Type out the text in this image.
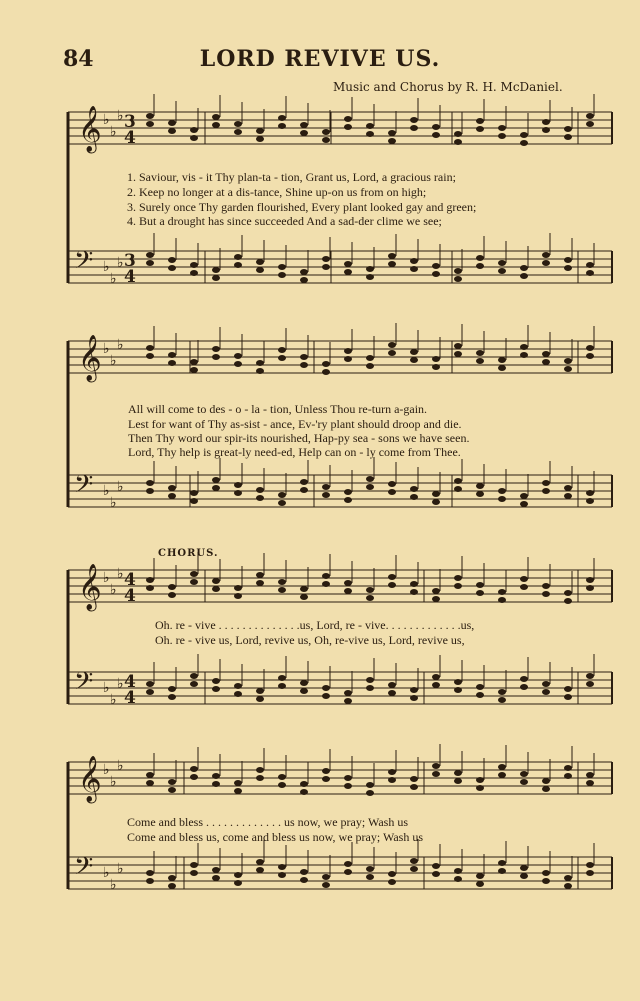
84	LORD REVIVE US.
Music and Chorus by R. H. McDaniel.
𝄞 ♭
♭
♭
𝄢 ♭
♭
♭
𝄞 ♭
♭
♭
𝄢 ♭
♭
♭
𝄞 ♭
♭
♭
𝄢 ♭
♭
♭
𝄞 ♭
♭
♭
𝄢 ♭
♭
♭
3
4
3
4
4
4
4
4
1. Saviour, vis - it Thy plan-ta - tion, Grant us, Lord, a gracious rain;
2. Keep no longer at a dis-tance, Shine up-on us from on high;
3. Surely once Thy garden flourished, Every plant looked gay and green;
4. But a drought has since succeeded And a sad-der clime we see;
All will come to des - o - la - tion, Unless Thou re-turn a-gain.
Lest for want of Thy as-sist - ance, Ev-'ry plant should droop and die.
Then Thy word our spir-its nourished, Hap-py sea - sons we have seen.
Lord, Thy help is great-ly need-ed, Help can on - ly come from Thee.
CHORUS.
Oh. re - vive . . . . . . . . . . . . . .us, Lord, re - vive. . . . . . . . . . . . .us,
Oh. re - vive us, Lord, revive us, Oh, re-vive us, Lord, revive us,
Come and bless . . . . . . . . . . . . . us now, we pray; Wash us
Come and bless us, come and bless us now, we pray; Wash us
